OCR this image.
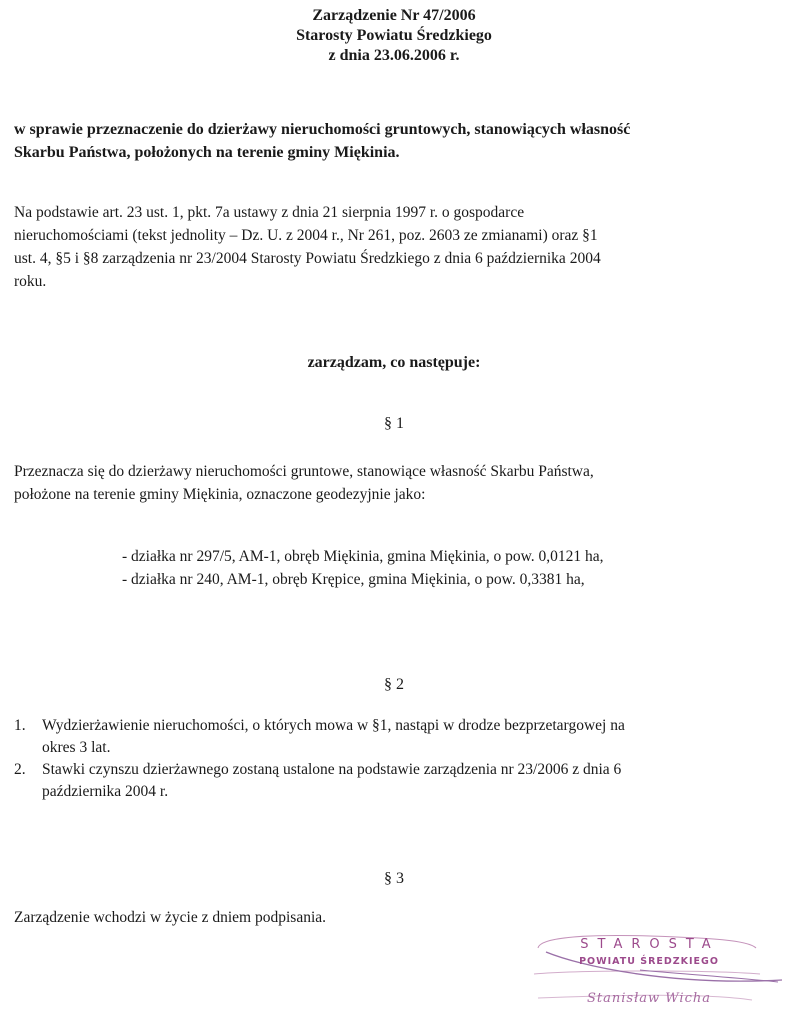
Zarządzenie Nr 47/2006
Starosty Powiatu Średzkiego
z dnia 23.06.2006 r.
w sprawie przeznaczenie do dzierżawy nieruchomości gruntowych, stanowiących własność
Skarbu Państwa, położonych na terenie gminy Miękinia.
Na podstawie art. 23 ust. 1, pkt. 7a ustawy z dnia 21 sierpnia 1997 r. o gospodarce
nieruchomościami (tekst jednolity – Dz. U. z 2004 r., Nr 261, poz. 2603 ze zmianami) oraz §1
ust. 4, §5 i §8 zarządzenia nr 23/2004 Starosty Powiatu Średzkiego z dnia 6 października 2004
roku.
zarządzam, co następuje:
§ 1
Przeznacza się do dzierżawy nieruchomości gruntowe, stanowiące własność Skarbu Państwa,
położone na terenie gminy Miękinia, oznaczone geodezyjnie jako:
- działka nr 297/5, AM-1, obręb Miękinia, gmina Miękinia, o pow. 0,0121 ha,
- działka nr 240, AM-1, obręb Krępice, gmina Miękinia, o pow. 0,3381 ha,
§ 2
1. Wydzierżawienie nieruchomości, o których mowa w §1, nastąpi w drodze bezprzetargowej na
okres 3 lat.
2. Stawki czynszu dzierżawnego zostaną ustalone na podstawie zarządzenia nr 23/2006 z dnia 6
października 2004 r.
§ 3
Zarządzenie wchodzi w życie z dniem podpisania.
STAROSTA
POWIATU ŚREDZKIEGO
Stanisław Wicha
